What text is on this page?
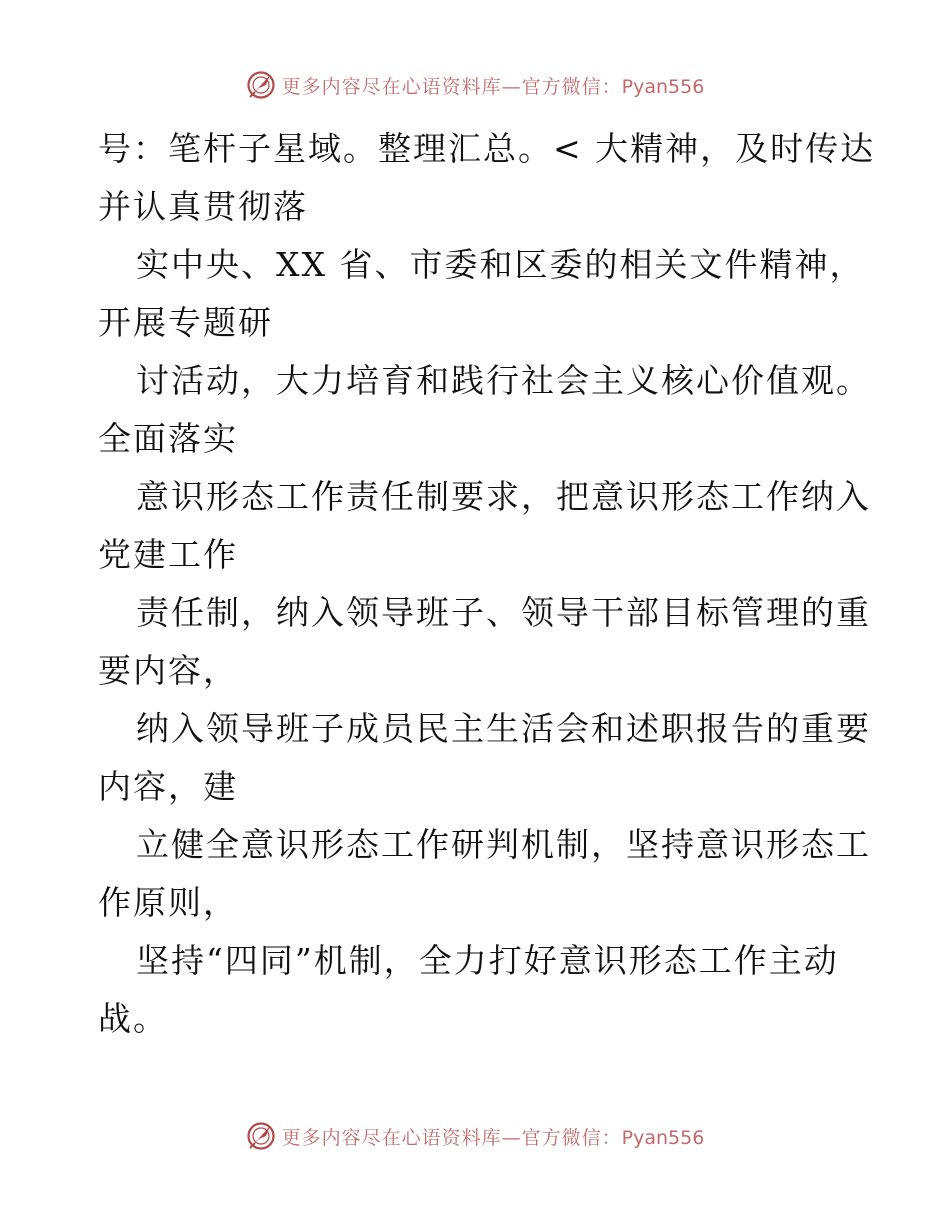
更多内容尽在心语资料库—官方微信：Pyan556
号：笔杆子星域。整理汇总。< 大精神，及时传达
并认真贯彻落
实中央、XX 省、市委和区委的相关文件精神，
开展专题研
讨活动，大力培育和践行社会主义核心价值观。
全面落实
意识形态工作责任制要求，把意识形态工作纳入
党建工作
责任制，纳入领导班子、领导干部目标管理的重
要内容，
纳入领导班子成员民主生活会和述职报告的重要
内容，建
立健全意识形态工作研判机制，坚持意识形态工
作原则，
坚持“四同”机制，全力打好意识形态工作主动
战。
更多内容尽在心语资料库—官方微信：Pyan556
